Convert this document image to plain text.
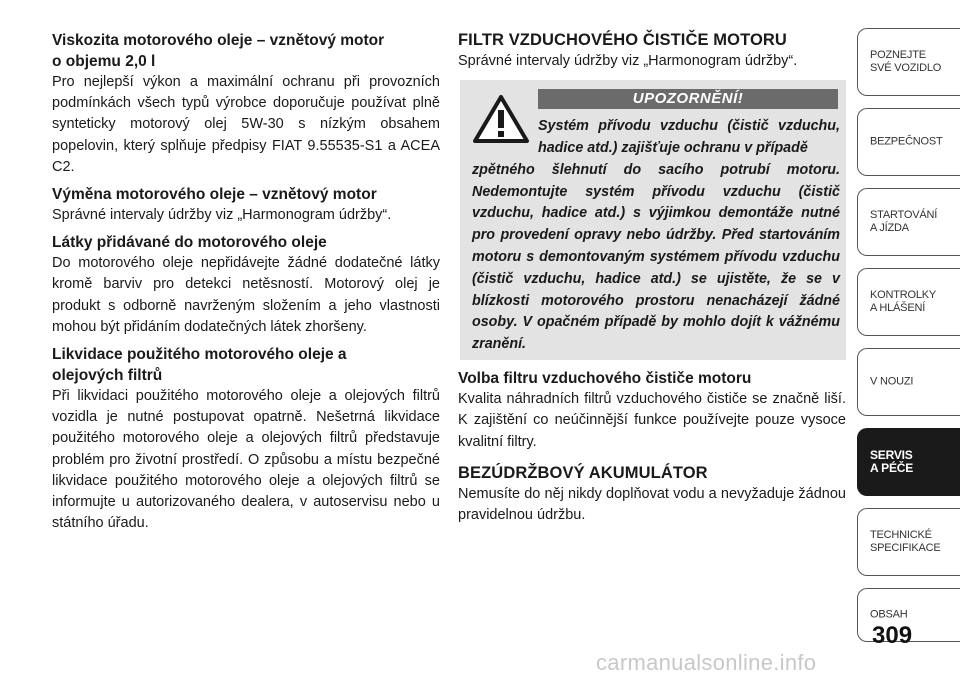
Viskozita motorového oleje – vznětový motor
o objemu 2,0 l

Pro nejlepší výkon a maximální ochranu při provozních podmínkách všech typů výrobce doporučuje používat plně synteticky motorový olej 5W-30 s nízkým obsahem popelovin, který splňuje předpisy FIAT 9.55535-S1 a ACEA C2.

Výměna motorového oleje – vznětový motor

Správné intervaly údržby viz „Harmonogram údržby“.

Látky přidávané do motorového oleje

Do motorového oleje nepřidávejte žádné dodatečné látky kromě barviv pro detekci netěsností. Motorový olej je produkt s odborně navrženým složením a jeho vlastnosti mohou být přidáním dodatečných látek zhoršeny.

Likvidace použitého motorového oleje a
olejových filtrů

Při likvidaci použitého motorového oleje a olejových filtrů vozidla je nutné postupovat opatrně. Nešetrná likvidace použitého motorového oleje a olejových filtrů představuje problém pro životní prostředí. O způsobu a místu bezpečné likvidace použitého motorového oleje a olejových filtrů se informujte u autorizovaného dealera, v autoservisu nebo u státního úřadu.

FILTR VZDUCHOVÉHO ČISTIČE MOTORU

Správné intervaly údržby viz „Harmonogram údržby“.

UPOZORNĚNÍ!
Systém přívodu vzduchu (čistič vzduchu, hadice atd.) zajišťuje ochranu v případě
zpětného šlehnutí do sacího potrubí motoru. Nedemontujte systém přívodu vzduchu (čistič vzduchu, hadice atd.) s výjimkou demontáže nutné pro provedení opravy nebo údržby. Před startováním motoru s demontovaným systémem přívodu vzduchu (čistič vzduchu, hadice atd.) se ujistěte, že se v blízkosti motorového prostoru nenacházejí žádné osoby. V opačném případě by mohlo dojít k vážnému zranění.

Volba filtru vzduchového čističe motoru

Kvalita náhradních filtrů vzduchového čističe se značně liší. K zajištění co neúčinnější funkce používejte pouze vysoce kvalitní filtry.

BEZÚDRŽBOVÝ AKUMULÁTOR

Nemusíte do něj nikdy doplňovat vodu a nevyžaduje žádnou pravidelnou údržbu.

POZNEJTE
SVÉ VOZIDLO
BEZPEČNOST
STARTOVÁNÍ
A JÍZDA
KONTROLKY
A HLÁŠENÍ
V NOUZI
SERVIS
A PÉČE
TECHNICKÉ
SPECIFIKACE
OBSAH
309
carmanualsonline.info
